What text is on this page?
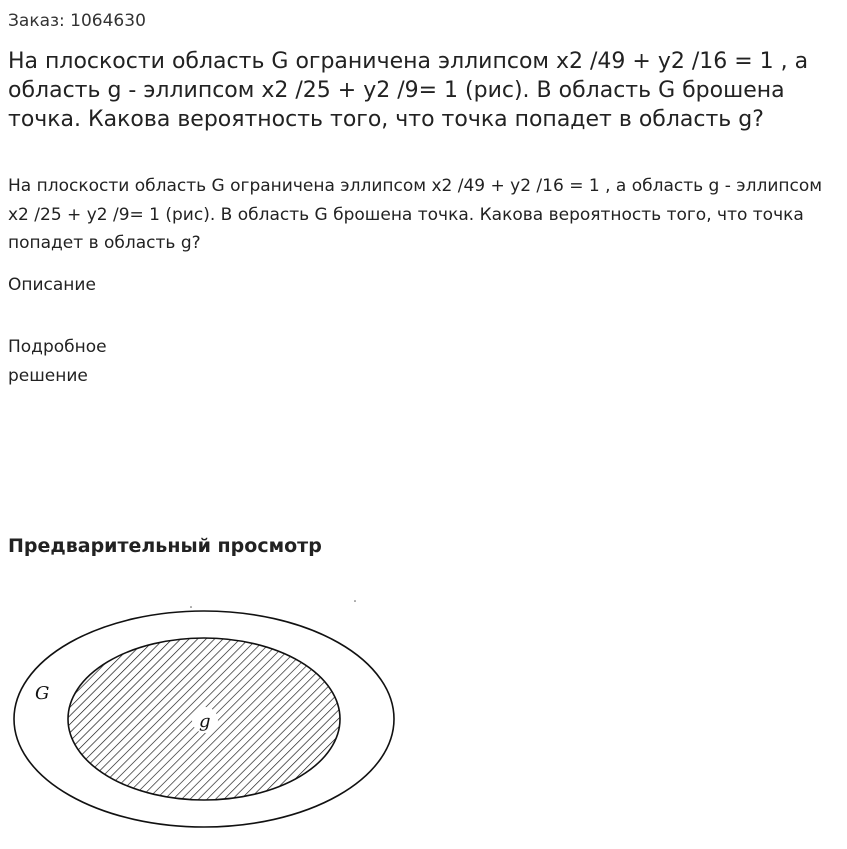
Заказ: 1064630
На плоскости область G ограничена эллипсом x2 /49 + y2 /16 = 1 , а область g - эллипсом x2 /25 + y2 /9= 1 (рис). В область G брошена точка. Какова вероятность того, что точка попадет в область g?

На плоскости область G ограничена эллипсом x2 /49 + y2 /16 = 1 , а область g - эллипсом x2 /25 + y2 /9= 1 (рис). В область G брошена точка. Какова вероятность того, что точка попадет в область g?

Описание
Подробное решение
Предварительный просмотр
G
g
